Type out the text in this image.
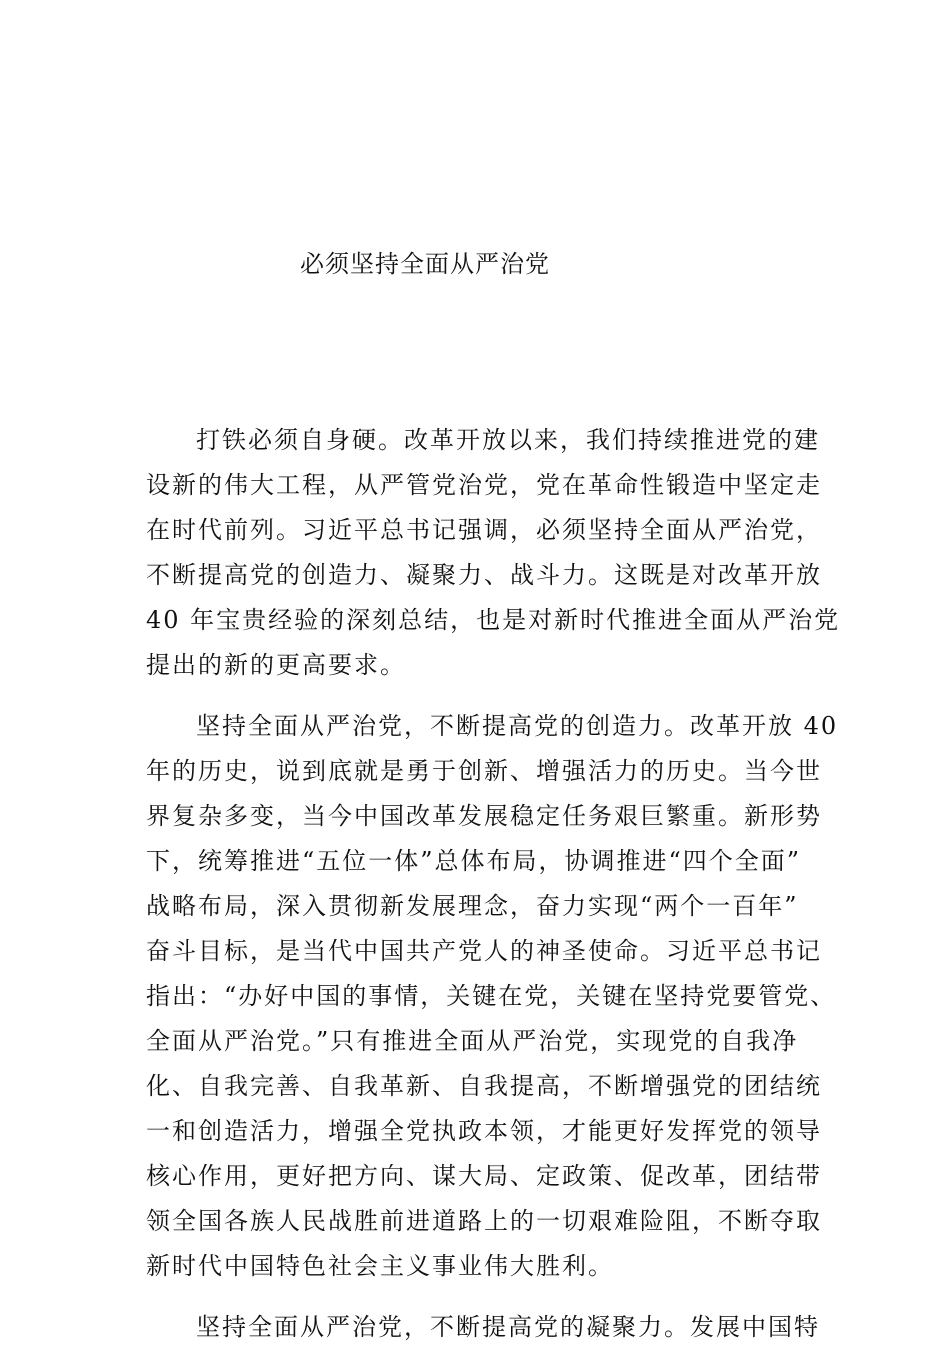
必须坚持全面从严治党

打铁必须自身硬。改革开放以来，我们持续推进党的建
设新的伟大工程，从严管党治党，党在革命性锻造中坚定走
在时代前列。习近平总书记强调，必须坚持全面从严治党，
不断提高党的创造力、凝聚力、战斗力。这既是对改革开放
40 年宝贵经验的深刻总结，也是对新时代推进全面从严治党
提出的新的更高要求。

坚持全面从严治党，不断提高党的创造力。改革开放 40
年的历史，说到底就是勇于创新、增强活力的历史。当今世
界复杂多变，当今中国改革发展稳定任务艰巨繁重。新形势
下，统筹推进“五位一体”总体布局，协调推进“四个全面”
战略布局，深入贯彻新发展理念，奋力实现“两个一百年”
奋斗目标，是当代中国共产党人的神圣使命。习近平总书记
指出：“办好中国的事情，关键在党，关键在坚持党要管党、
全面从严治党。”只有推进全面从严治党，实现党的自我净
化、自我完善、自我革新、自我提高，不断增强党的团结统
一和创造活力，增强全党执政本领，才能更好发挥党的领导
核心作用，更好把方向、谋大局、定政策、促改革，团结带
领全国各族人民战胜前进道路上的一切艰难险阻，不断夺取
新时代中国特色社会主义事业伟大胜利。

坚持全面从严治党，不断提高党的凝聚力。发展中国特
